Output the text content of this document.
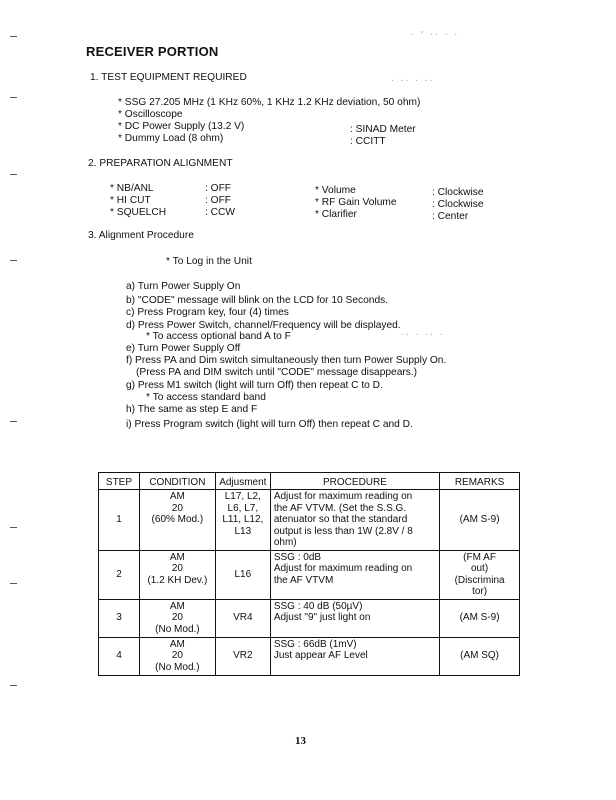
· ’ ·· · ·
· ·· · ··
·· · ·· ·
RECEIVER PORTION
1. TEST EQUIPMENT REQUIRED
* SSG 27.205 MHz (1 KHz 60%, 1 KHz 1.2 KHz deviation, 50 ohm)
* Oscilloscope
* DC Power Supply (13.2 V)
* Dummy Load (8 ohm)
: SINAD Meter
: CCITT
2. PREPARATION ALIGNMENT
* NB/ANL	: OFF	* Volume	: Clockwise
* HI CUT	: OFF	* RF Gain Volume	: Clockwise
* SQUELCH	: CCW	* Clarifier	: Center
3. Alignment Procedure
* To Log in the Unit
a) Turn Power Supply On
b) "CODE" message will blink on the LCD for 10 Seconds.
c) Press Program key, four (4) times
d) Press Power Switch, channel/Frequency will be displayed.
* To access optional band A to F
e) Turn Power Supply Off
f) Press PA and Dim switch simultaneously then turn Power Supply On.
(Press PA and DIM switch until "CODE" message disappears.)
g) Press M1 switch (light will turn Off) then repeat C to D.
* To access standard band
h) The same as step E and F
i) Press Program switch (light will turn Off) then repeat C and D.
STEP	CONDITION	Adjusment	PROCEDURE	REMARKS
1	AM
20
(60% Mod.)	L17, L2,
L6, L7,
L11, L12,
L13	Adjust for maximum reading on
the AF VTVM. (Set the S.S.G.
atenuator so that the standard
output is less than 1W (2.8V / 8
ohm)	(AM S-9)

2	AM
20
(1.2 KH Dev.)	L16	SSG : 0dB
Adjust for maximum reading on
the AF VTVM	(FM AF
out)
(Discrimina
tor)

3	AM
20
(No Mod.)	VR4	SSG : 40 dB (50µV)
Adjust "9" just light on	(AM S-9)

4	AM
20
(No Mod.)	VR2	SSG : 66dB (1mV)
Just appear AF Level	(AM SQ)
13
